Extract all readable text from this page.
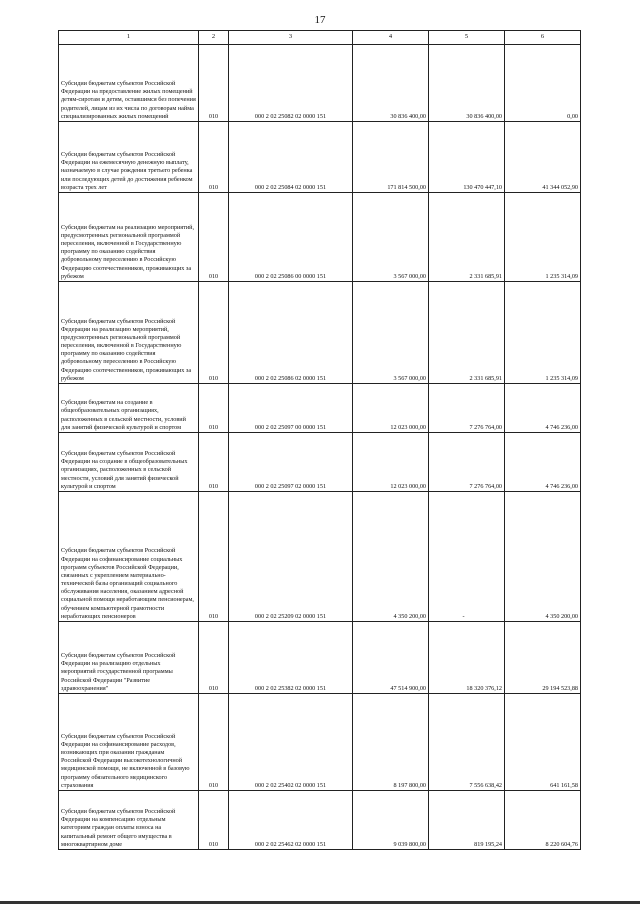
17
1	2	3	4	5	6
Субсидии бюджетам субъектов Российской Федерации на предоставление жилых помещений детям-сиротам и детям, оставшимся без попечения родителей, лицам из их числа по договорам найма специализированных жилых помещений	010	000 2 02 25082 02 0000 151	30 836 400,00	30 836 400,00	0,00
Субсидии бюджетам субъектов Российской Федерации на ежемесячную денежную выплату, назначаемую в случае рождения третьего ребенка или последующих детей до достижения ребенком возраста трех лет	010	000 2 02 25084 02 0000 151	171 814 500,00	130 470 447,10	41 344 052,90
Субсидии бюджетам на реализацию мероприятий, предусмотренных региональной программой переселения, включенной в Государственную программу по оказанию содействия добровольному переселению в Российскую Федерацию соотечественников, проживающих за рубежом	010	000 2 02 25086 00 0000 151	3 567 000,00	2 331 685,91	1 235 314,09
Субсидии бюджетам субъектов Российской Федерации на реализацию мероприятий, предусмотренных региональной программой переселения, включенной в Государственную программу по оказанию содействия добровольному переселению в Российскую Федерацию соотечественников, проживающих за рубежом	010	000 2 02 25086 02 0000 151	3 567 000,00	2 331 685,91	1 235 314,09
Субсидии бюджетам на создание в общеобразовательных организациях, расположенных в сельской местности, условий для занятий физической культурой и спортом	010	000 2 02 25097 00 0000 151	12 023 000,00	7 276 764,00	4 746 236,00
Субсидии бюджетам субъектов Российской Федерации на создание в общеобразовательных организациях, расположенных в сельской местности, условий для занятий физической культурой и спортом	010	000 2 02 25097 02 0000 151	12 023 000,00	7 276 764,00	4 746 236,00
Субсидии бюджетам субъектов Российской Федерации на софинансирование социальных программ субъектов Российской Федерации, связанных с укреплением материально-технической базы организаций социального обслуживания населения, оказанием адресной социальной помощи неработающим пенсионерам, обучением компьютерной грамотности неработающих пенсионеров	010	000 2 02 25209 02 0000 151	4 350 200,00	-	4 350 200,00
Субсидии бюджетам субъектов Российской Федерации на реализацию отдельных мероприятий государственной программы Российской Федерации "Развитие здравоохранения"	010	000 2 02 25382 02 0000 151	47 514 900,00	18 320 376,12	29 194 523,88
Субсидии бюджетам субъектов Российской Федерации на софинансирование расходов, возникающих при оказании гражданам Российской Федерации высокотехнологичной медицинской помощи, не включенной в базовую программу обязательного медицинского страхования	010	000 2 02 25402 02 0000 151	8 197 800,00	7 556 638,42	641 161,58
Субсидии бюджетам субъектов Российской Федерации на компенсацию отдельным категориям граждан оплаты взноса на капитальный ремонт общего имущества в многоквартирном доме	010	000 2 02 25462 02 0000 151	9 039 800,00	819 195,24	8 220 604,76
